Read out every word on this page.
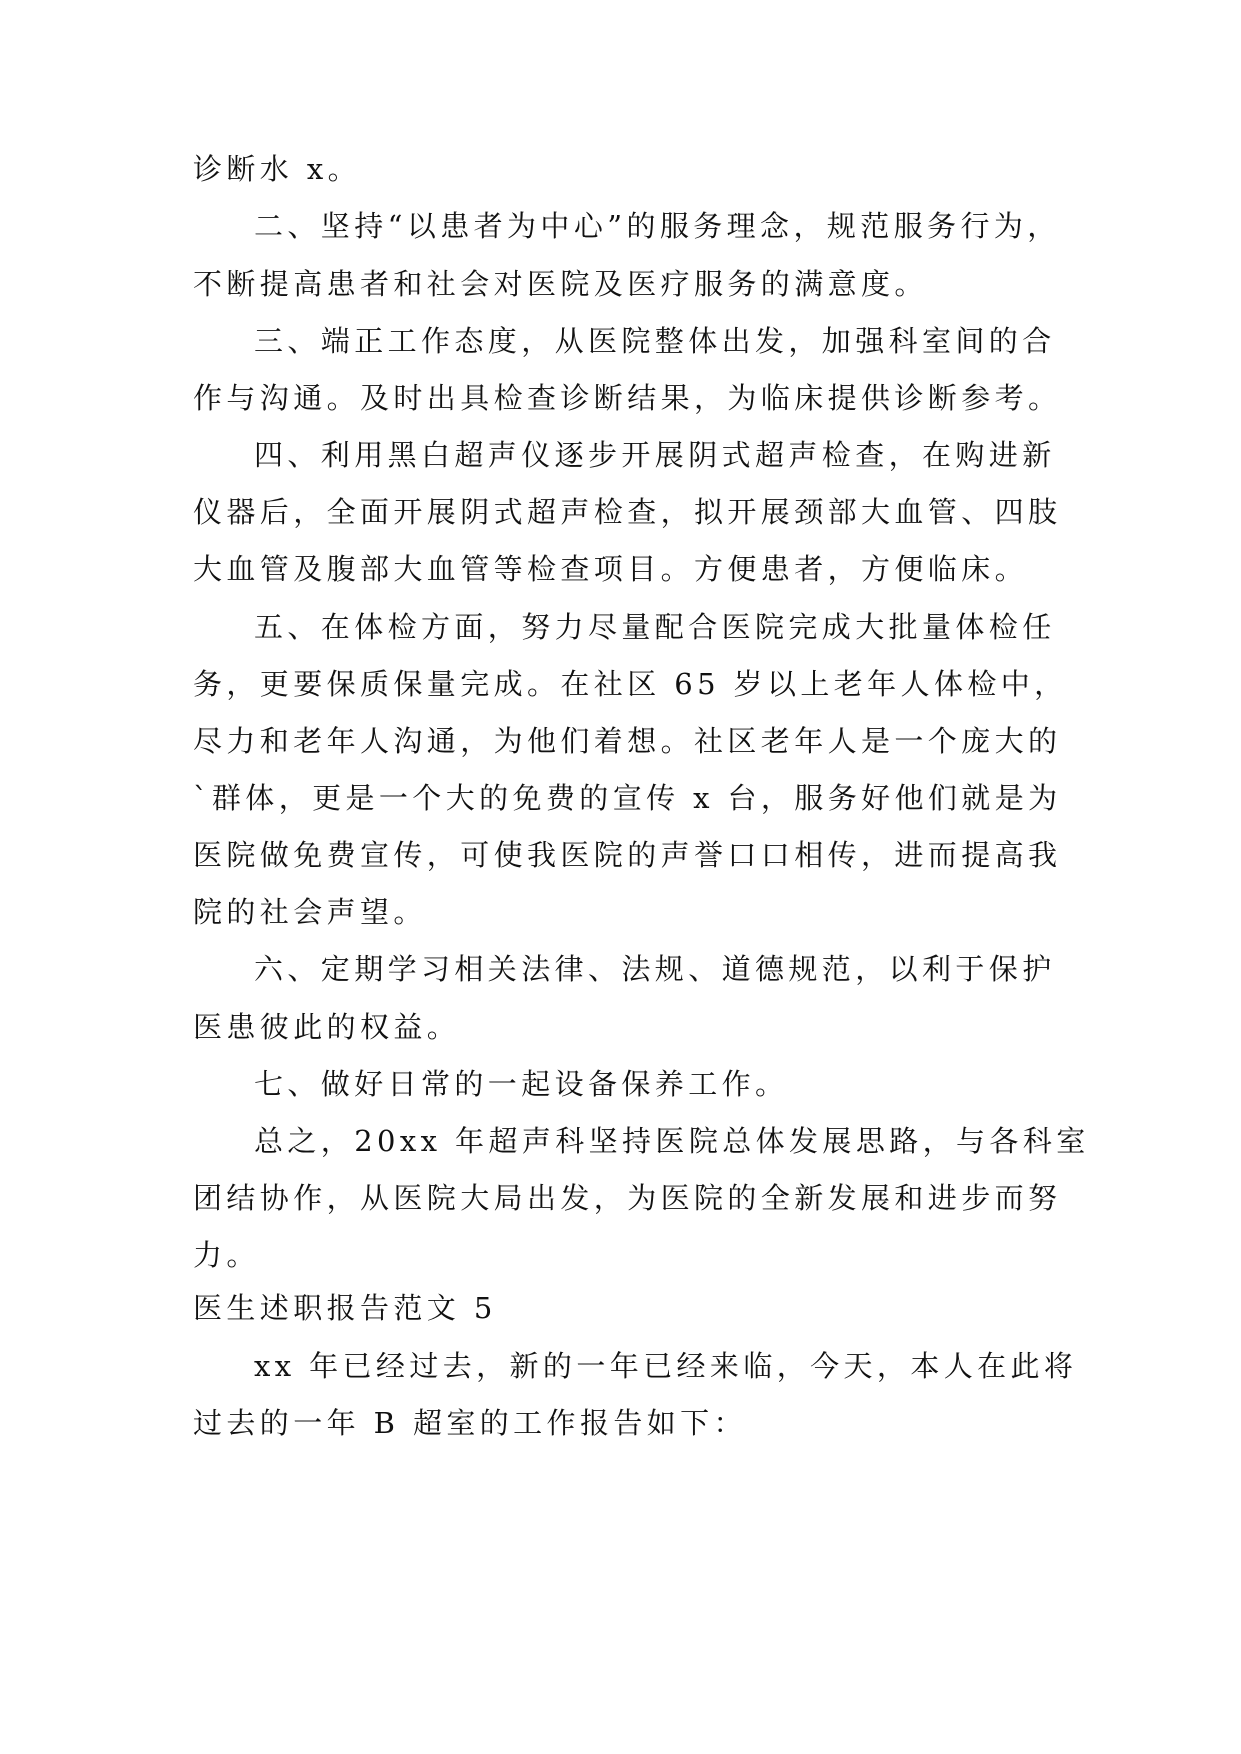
诊断水 x。
二、坚持“以患者为中心”的服务理念，规范服务行为，
不断提高患者和社会对医院及医疗服务的满意度。
三、端正工作态度，从医院整体出发，加强科室间的合
作与沟通。及时出具检查诊断结果，为临床提供诊断参考。
四、利用黑白超声仪逐步开展阴式超声检查，在购进新
仪器后，全面开展阴式超声检查，拟开展颈部大血管、四肢
大血管及腹部大血管等检查项目。方便患者，方便临床。
五、在体检方面，努力尽量配合医院完成大批量体检任
务，更要保质保量完成。在社区 65 岁以上老年人体检中，
尽力和老年人沟通，为他们着想。社区老年人是一个庞大的
`群体，更是一个大的免费的宣传 x 台，服务好他们就是为
医院做免费宣传，可使我医院的声誉口口相传，进而提高我
院的社会声望。
六、定期学习相关法律、法规、道德规范，以利于保护
医患彼此的权益。
七、做好日常的一起设备保养工作。
总之，20xx 年超声科坚持医院总体发展思路，与各科室
团结协作，从医院大局出发，为医院的全新发展和进步而努
力。
医生述职报告范文 5
xx 年已经过去，新的一年已经来临，今天，本人在此将
过去的一年 B 超室的工作报告如下：
